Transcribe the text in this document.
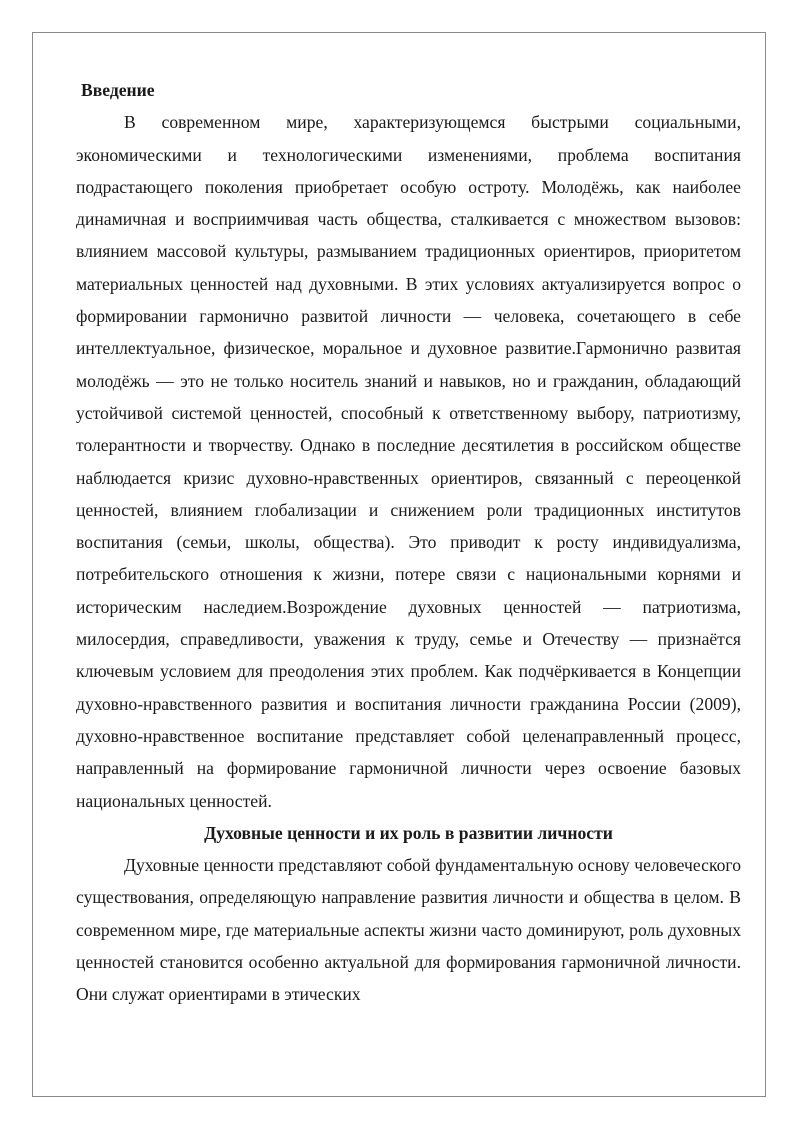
Введение

В современном мире, характеризующемся быстрыми социальными, экономическими и технологическими изменениями, проблема воспитания подрастающего поколения приобретает особую остроту. Молодёжь, как наиболее динамичная и восприимчивая часть общества, сталкивается с множеством вызовов: влиянием массовой культуры, размыванием традиционных ориентиров, приоритетом материальных ценностей над духовными. В этих условиях актуализируется вопрос о формировании гармонично развитой личности — человека, сочетающего в себе интеллектуальное, физическое, моральное и духовное развитие.Гармонично развитая молодёжь — это не только носитель знаний и навыков, но и гражданин, обладающий устойчивой системой ценностей, способный к ответственному выбору, патриотизму, толерантности и творчеству. Однако в последние десятилетия в российском обществе наблюдается кризис духовно-нравственных ориентиров, связанный с переоценкой ценностей, влиянием глобализации и снижением роли традиционных институтов воспитания (семьи, школы, общества). Это приводит к росту индивидуализма, потребительского отношения к жизни, потере связи с национальными корнями и историческим наследием.Возрождение духовных ценностей — патриотизма, милосердия, справедливости, уважения к труду, семье и Отечеству — признаётся ключевым условием для преодоления этих проблем. Как подчёркивается в Концепции духовно-нравственного развития и воспитания личности гражданина России (2009), духовно-нравственное воспитание представляет собой целенаправленный процесс, направленный на формирование гармоничной личности через освоение базовых национальных ценностей.

Духовные ценности и их роль в развитии личности

Духовные ценности представляют собой фундаментальную основу человеческого существования, определяющую направление развития личности и общества в целом. В современном мире, где материальные аспекты жизни часто доминируют, роль духовных ценностей становится особенно актуальной для формирования гармоничной личности. Они служат ориентирами в этических
